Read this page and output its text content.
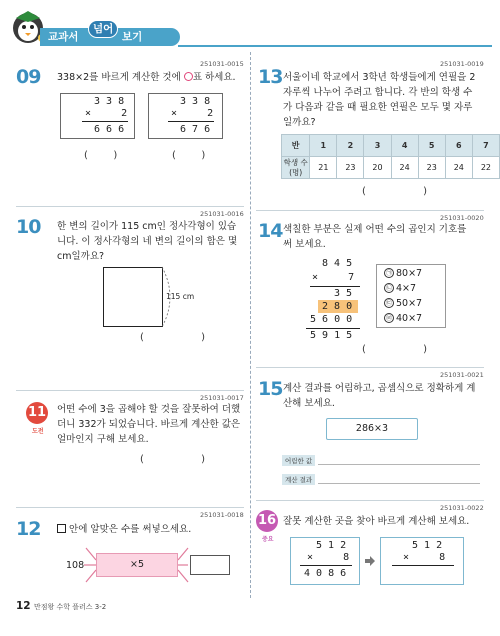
교과서
넘어
보기
251031-0015
09 338×2를 바르게 계산한 것에 표 하세요.
3 3 8
×     2
6 6 6
3 3 8
×     2
6 7 6
(        )	(        )
251031-0016
10 한 변의 길이가 115 cm인 정사각형이 있습니다. 이 정사각형의 네 변의 길이의 합은 몇 cm일까요?
115 cm
(                  )
251031-0017
11
도전
어떤 수에 3을 곱해야 할 것을 잘못하여 더했더니 332가 되었습니다. 바르게 계산한 값은 얼마인지 구해 보세요.
(                  )
251031-0018
12	안에 알맞은 수를 써넣으세요.
108	×5
251031-0019
13 서울이네 학교에서 3학년 학생들에게 연필을 2자루씩 나누어 주려고 합니다. 각 반의 학생 수가 다음과 같을 때 필요한 연필은 모두 몇 자루일까요?
반	1	2	3	4	5	6	7
학생 수(명)	21	23	20	24	23	24	22
(                  )
251031-0020
14 색칠한 부분은 실제 어떤 수의 곱인지 기호를 써 보세요.
8 4 5
×     7
3 5
2 8 0
5 6 0 0
5 9 1 5
㉠ 80×7
㉡ 4×7
㉢ 50×7
㉣ 40×7
(                  )
251031-0021
15 계산 결과를 어림하고, 곱셈식으로 정확하게 계산해 보세요.
286×3
어림한 값
계산 결과
251031-0022
16
중요
잘못 계산한 곳을 찾아 바르게 계산해 보세요.
5 1 2
×     8
4 0 8 6
5 1 2
×     8
12 만점왕 수학 플러스 3-2
